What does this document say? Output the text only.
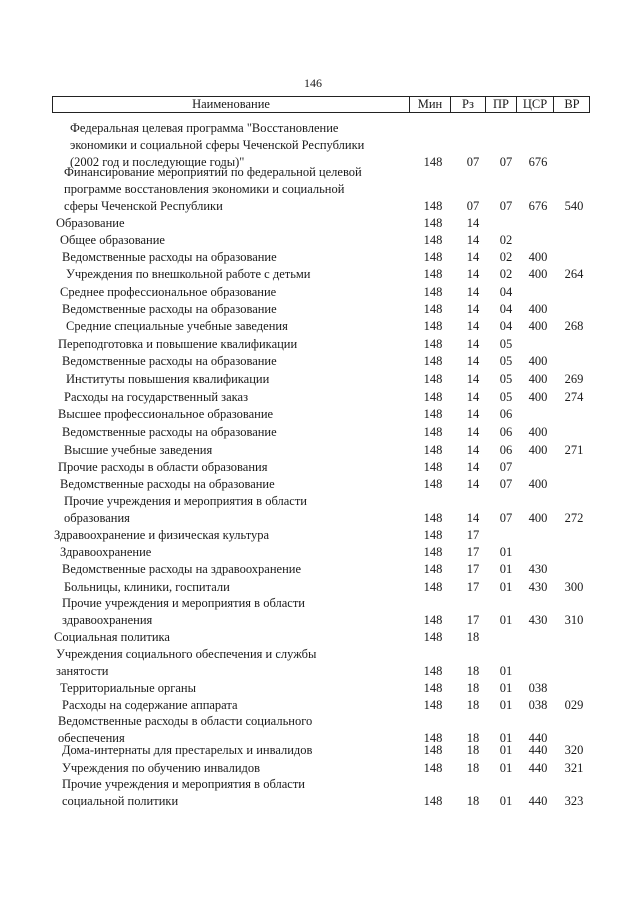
146
Наименование	Мин	Рз	ПР	ЦСР	ВР
Федеральная целевая программа "Восстановление
экономики и социальной сферы Чеченской Республики
(2002 год и последующие годы)"	148	07	07	676
Финансирование мероприятий по федеральной целевой
программе восстановления экономики и социальной
сферы Чеченской Республики	148	07	07	676	540
Образование	148	14
Общее образование	148	14	02
Ведомственные расходы на образование	148	14	02	400
Учреждения по внешкольной работе с детьми	148	14	02	400	264
Среднее профессиональное образование	148	14	04
Ведомственные расходы на образование	148	14	04	400
Средние специальные учебные заведения	148	14	04	400	268
Переподготовка и повышение квалификации	148	14	05
Ведомственные расходы на образование	148	14	05	400
Институты повышения квалификации	148	14	05	400	269
Расходы на государственный заказ	148	14	05	400	274
Высшее профессиональное образование	148	14	06
Ведомственные расходы на образование	148	14	06	400
Высшие учебные заведения	148	14	06	400	271
Прочие расходы в области образования	148	14	07
Ведомственные расходы на образование	148	14	07	400
Прочие учреждения и мероприятия в области
образования	148	14	07	400	272
Здравоохранение и физическая культура	148	17
Здравоохранение	148	17	01
Ведомственные расходы на здравоохранение	148	17	01	430
Больницы, клиники, госпитали	148	17	01	430	300
Прочие учреждения и мероприятия в области
здравоохранения	148	17	01	430	310
Социальная политика	148	18
Учреждения социального обеспечения и службы
занятости	148	18	01
Территориальные органы	148	18	01	038
Расходы на содержание аппарата	148	18	01	038	029
Ведомственные расходы в области социального
обеспечения	148	18	01	440
Дома-интернаты для престарелых и инвалидов	148	18	01	440	320
Учреждения по обучению инвалидов	148	18	01	440	321
Прочие учреждения и мероприятия в области
социальной политики	148	18	01	440	323
